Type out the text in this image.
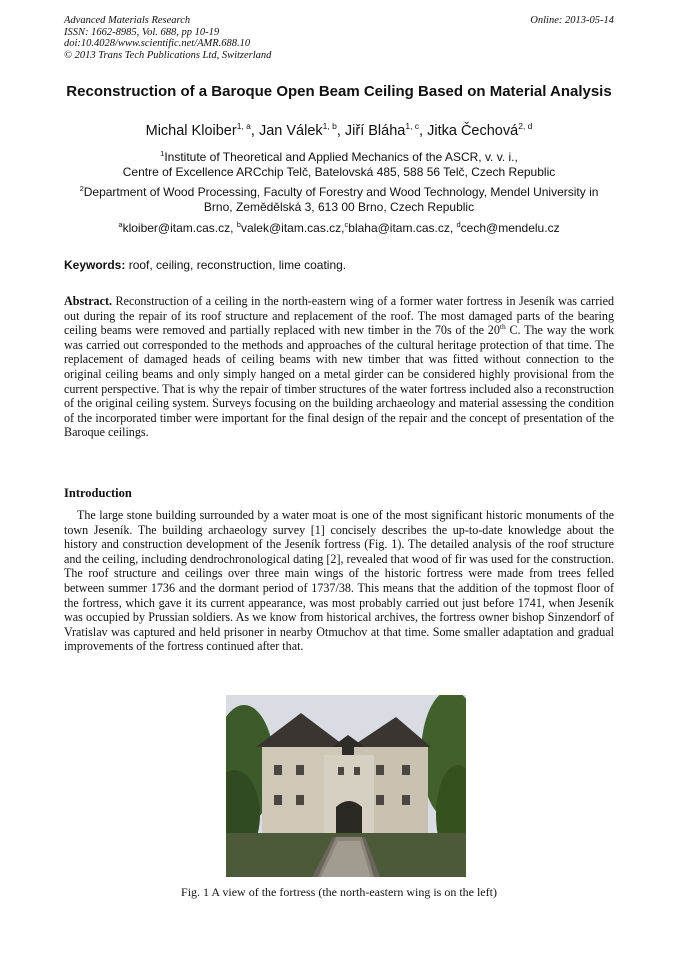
Advanced Materials Research
ISSN: 1662-8985, Vol. 688, pp 10-19
doi:10.4028/www.scientific.net/AMR.688.10
© 2013 Trans Tech Publications Ltd, Switzerland
Online: 2013-05-14
Reconstruction of a Baroque Open Beam Ceiling Based on Material Analysis
Michal Kloiber$^{1, a}$, Jan Válek$^{1, b}$, Jiří Bláha$^{1, c}$, Jitka Čechová$^{2, d}$
$^1$Institute of Theoretical and Applied Mechanics of the ASCR, v. v. i.,
Centre of Excellence ARCchip Telč, Batelovská 485, 588 56 Telč, Czech Republic
$^2$Department of Wood Processing, Faculty of Forestry and Wood Technology, Mendel University in
Brno, Zemědělská 3, 613 00 Brno, Czech Republic
$^a$kloiber@itam.cas.cz, $^b$valek@itam.cas.cz,$^c$blaha@itam.cas.cz, $^d$cech@mendelu.cz
Keywords: roof, ceiling, reconstruction, lime coating.
Abstract. Reconstruction of a ceiling in the north-eastern wing of a former water fortress in Jeseník was carried out during the repair of its roof structure and replacement of the roof. The most damaged parts of the bearing ceiling beams were removed and partially replaced with new timber in the 70s of the 20th C. The way the work was carried out corresponded to the methods and approaches of the cultural heritage protection of that time. The replacement of damaged heads of ceiling beams with new timber that was fitted without connection to the original ceiling beams and only simply hanged on a metal girder can be considered highly provisional from the current perspective. That is why the repair of timber structures of the water fortress included also a reconstruction of the original ceiling system. Surveys focusing on the building archaeology and material assessing the condition of the incorporated timber were important for the final design of the repair and the concept of presentation of the Baroque ceilings.
Introduction
The large stone building surrounded by a water moat is one of the most significant historic monuments of the town Jeseník. The building archaeology survey [1] concisely describes the up-to-date knowledge about the history and construction development of the Jeseník fortress (Fig. 1). The detailed analysis of the roof structure and the ceiling, including dendrochronological dating [2], revealed that wood of fir was used for the construction. The roof structure and ceilings over three main wings of the historic fortress were made from trees felled between summer 1736 and the dormant period of 1737/38. This means that the addition of the topmost floor of the fortress, which gave it its current appearance, was most probably carried out just before 1741, when Jeseník was occupied by Prussian soldiers. As we know from historical archives, the fortress owner bishop Sinzendorf of Vratislav was captured and held prisoner in nearby Otmuchov at that time. Some smaller adaptation and gradual improvements of the fortress continued after that.
Fig. 1 A view of the fortress (the north-eastern wing is on the left)
